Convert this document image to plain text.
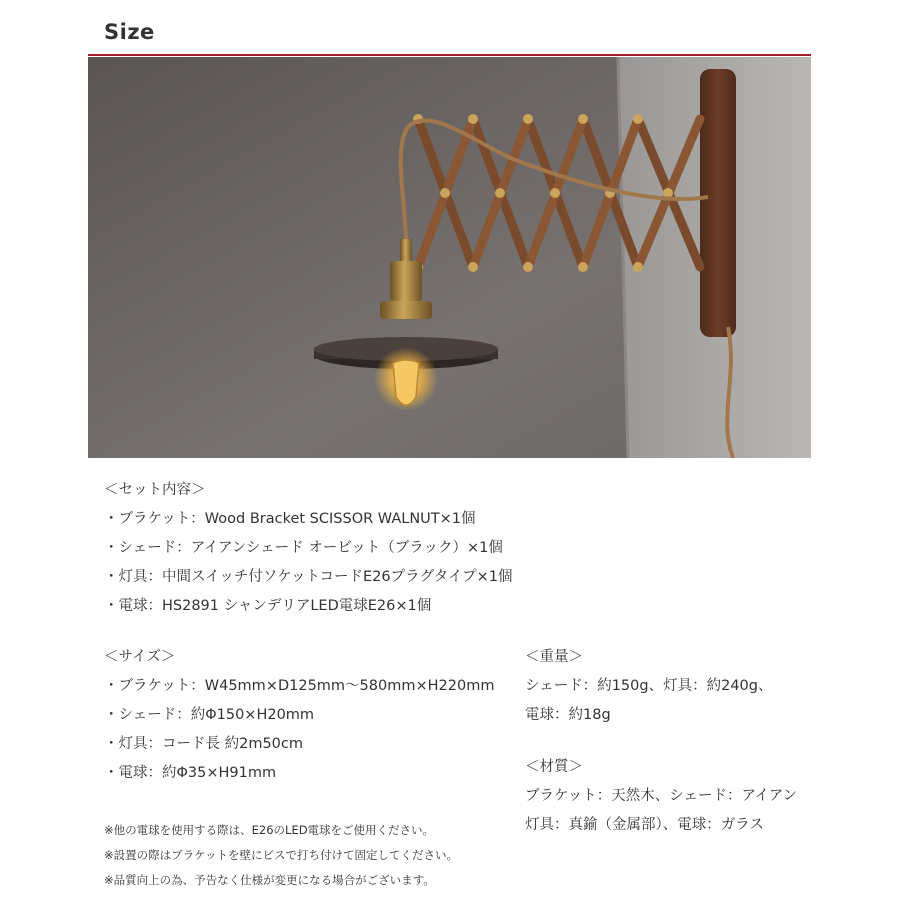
Size
＜セット内容＞
・ブラケット：Wood Bracket SCISSOR WALNUT×1個
・シェード：アイアンシェード オービット（ブラック）×1個
・灯具：中間スイッチ付ソケットコードE26プラグタイプ×1個
・電球：HS2891 シャンデリアLED電球E26×1個
＜サイズ＞
・ブラケット：W45mm×D125mm～580mm×H220mm
・シェード：約Φ150×H20mm
・灯具：コード長 約2m50cm
・電球：約Φ35×H91mm
＜重量＞
シェード：約150g、灯具：約240g、
電球：約18g
＜材質＞
ブラケット：天然木、シェード：アイアン
灯具：真鍮（金属部）、電球：ガラス
※他の電球を使用する際は、E26のLED電球をご使用ください。
※設置の際はブラケットを壁にビスで打ち付けて固定してください。
※品質向上の為、予告なく仕様が変更になる場合がございます。
